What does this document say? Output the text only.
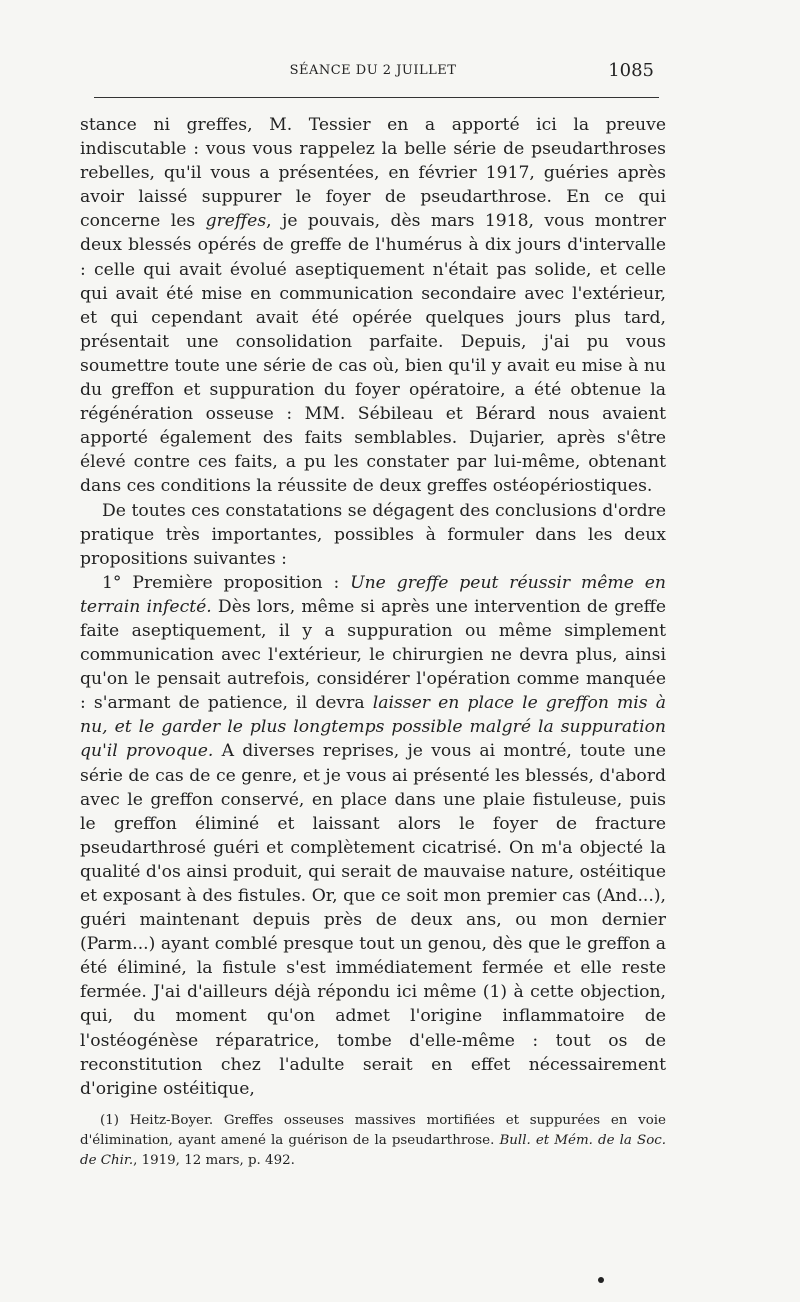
SÉANCE DU 2 JUILLET	1085

stance ni greffes, M. Tessier en a apporté ici la preuve indiscutable : vous vous rappelez la belle série de pseudarthroses rebelles, qu'il vous a présentées, en février 1917, guéries après avoir laissé suppurer le foyer de pseudarthrose. En ce qui concerne les greffes, je pouvais, dès mars 1918, vous montrer deux blessés opérés de greffe de l'humérus à dix jours d'intervalle : celle qui avait évolué aseptiquement n'était pas solide, et celle qui avait été mise en communication secondaire avec l'extérieur, et qui cependant avait été opérée quelques jours plus tard, présentait une consolidation parfaite. Depuis, j'ai pu vous soumettre toute une série de cas où, bien qu'il y avait eu mise à nu du greffon et suppuration du foyer opératoire, a été obtenue la régénération osseuse : MM. Sébileau et Bérard nous avaient apporté également des faits semblables. Dujarier, après s'être élevé contre ces faits, a pu les constater par lui-même, obtenant dans ces conditions la réussite de deux greffes ostéopériostiques.

De toutes ces constatations se dégagent des conclusions d'ordre pratique très importantes, possibles à formuler dans les deux propositions suivantes :

1° Première proposition : Une greffe peut réussir même en terrain infecté. Dès lors, même si après une intervention de greffe faite aseptiquement, il y a suppuration ou même simplement communication avec l'extérieur, le chirurgien ne devra plus, ainsi qu'on le pensait autrefois, considérer l'opération comme manquée : s'armant de patience, il devra laisser en place le greffon mis à nu, et le garder le plus longtemps possible malgré la suppuration qu'il provoque. A diverses reprises, je vous ai montré, toute une série de cas de ce genre, et je vous ai présenté les blessés, d'abord avec le greffon conservé, en place dans une plaie fistuleuse, puis le greffon éliminé et laissant alors le foyer de fracture pseudarthrosé guéri et complètement cicatrisé. On m'a objecté la qualité d'os ainsi produit, qui serait de mauvaise nature, ostéitique et exposant à des fistules. Or, que ce soit mon premier cas (And...), guéri maintenant depuis près de deux ans, ou mon dernier (Parm...) ayant comblé presque tout un genou, dès que le greffon a été éliminé, la fistule s'est immédiatement fermée et elle reste fermée. J'ai d'ailleurs déjà répondu ici même (1) à cette objection, qui, du moment qu'on admet l'origine inflammatoire de l'ostéogénèse réparatrice, tombe d'elle-même : tout os de reconstitution chez l'adulte serait en effet nécessairement d'origine ostéitique,

(1) Heitz-Boyer. Greffes osseuses massives mortifiées et suppurées en voie d'élimination, ayant amené la guérison de la pseudarthrose. Bull. et Mém. de la Soc. de Chir., 1919, 12 mars, p. 492.
